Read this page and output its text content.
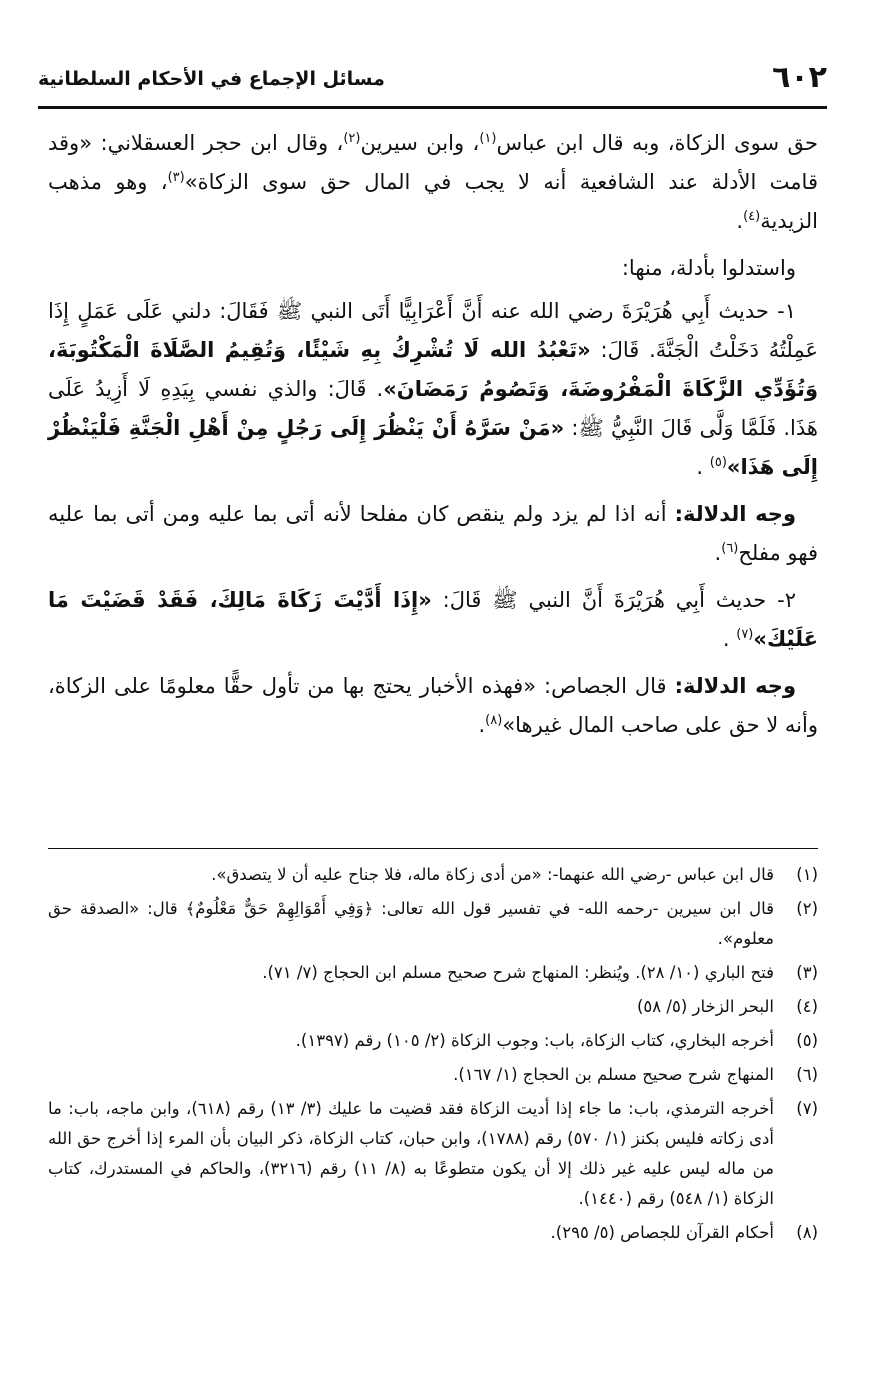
٦٠٢
مسائل الإجماع في الأحكام السلطانية

حق سوى الزكاة، وبه قال ابن عباس$^{(١)}$، وابن سيرين$^{(٢)}$، وقال ابن حجر العسقلاني: «وقد قامت الأدلة عند الشافعية أنه لا يجب في المال حق سوى الزكاة»$^{(٣)}$، وهو مذهب الزيدية$^{(٤)}$.

واستدلوا بأدلة، منها:

١- حديث أَبِي هُرَيْرَةَ رضي الله عنه أَنَّ أَعْرَابِيًّا أَتَى النبي ﷺ فَقَالَ: دلني عَلَى عَمَلٍ إِذَا عَمِلْتُهُ دَخَلْتُ الْجَنَّةَ. قَالَ: «تَعْبُدُ الله لَا تُشْرِكُ بِهِ شَيْئًا، وَتُقِيمُ الصَّلَاةَ الْمَكْتُوبَةَ، وَتُؤَدِّي الزَّكَاةَ الْمَفْرُوضَةَ، وَتَصُومُ رَمَضَانَ». قَالَ: والذي نفسي بِيَدِهِ لَا أَزِيدُ عَلَى هَذَا. فَلَمَّا وَلَّى قَالَ النَّبِيُّ ﷺ: «مَنْ سَرَّهُ أَنْ يَنْظُرَ إِلَى رَجُلٍ مِنْ أَهْلِ الْجَنَّةِ فَلْيَنْظُرْ إِلَى هَذَا»$^{(٥)}$ .

وجه الدلالة: أنه اذا لم يزد ولم ينقص كان مفلحا لأنه أتى بما عليه ومن أتى بما عليه فهو مفلح$^{(٦)}$.

٢- حديث أَبِي هُرَيْرَةَ أَنَّ النبي ﷺ قَالَ: «إِذَا أَدَّيْتَ زَكَاةَ مَالِكَ، فَقَدْ قَضَيْتَ مَا عَلَيْكَ»$^{(٧)}$ .

وجه الدلالة: قال الجصاص: «فهذه الأخبار يحتج بها من تأول حقًّا معلومًا على الزكاة، وأنه لا حق على صاحب المال غيرها»$^{(٨)}$.

(١)
قال ابن عباس -رضي الله عنهما-: «من أدى زكاة ماله، فلا جناح عليه أن لا يتصدق».
(٢)
قال ابن سيرين -رحمه الله- في تفسير قول الله تعالى: ﴿وَفِي أَمْوَالِهِمْ حَقٌّ مَعْلُومٌ﴾ قال: «الصدقة حق معلوم».
(٣)
فتح الباري (١٠/ ٢٨). ويُنظر: المنهاج شرح صحيح مسلم ابن الحجاج (٧/ ٧١).
(٤)
البحر الزخار (٥/ ٥٨)
(٥)
أخرجه البخاري، كتاب الزكاة، باب: وجوب الزكاة (٢/ ١٠٥) رقم (١٣٩٧).
(٦)
المنهاج شرح صحيح مسلم بن الحجاج (١/ ١٦٧).
(٧)
أخرجه الترمذي، باب: ما جاء إذا أديت الزكاة فقد قضيت ما عليك (٣/ ١٣) رقم (٦١٨)، وابن ماجه، باب: ما أدى زكاته فليس بكنز (١/ ٥٧٠) رقم (١٧٨٨)، وابن حبان، كتاب الزكاة، ذكر البيان بأن المرء إذا أخرج حق الله من ماله ليس عليه غير ذلك إلا أن يكون متطوعًا به (٨/ ١١) رقم (٣٢١٦)، والحاكم في المستدرك، كتاب الزكاة (١/ ٥٤٨) رقم (١٤٤٠).
(٨)
أحكام القرآن للجصاص (٥/ ٢٩٥).
